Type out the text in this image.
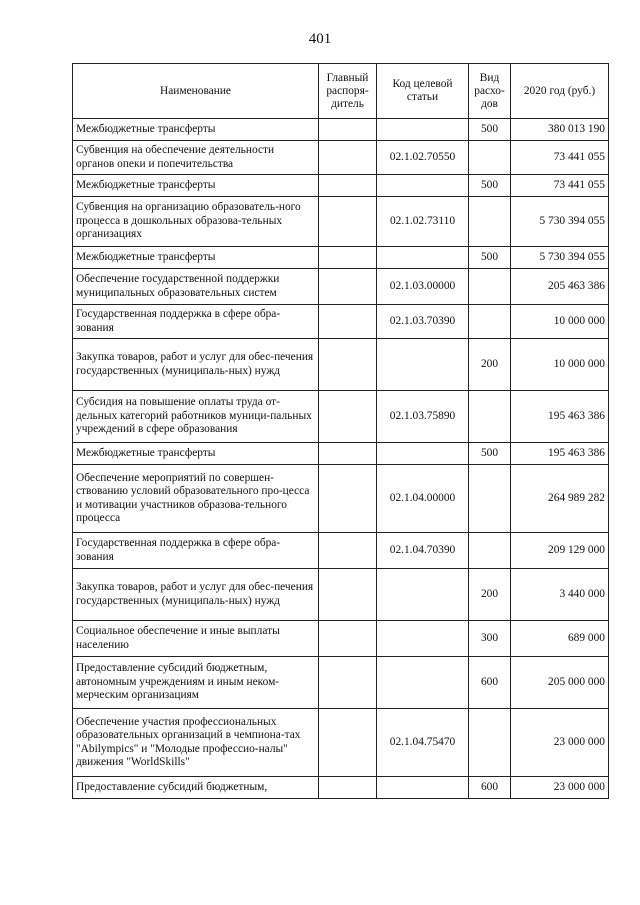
401
Наименование	Главный распоря-дитель	Код целевой статьи	Вид расхо-дов	2020 год (руб.)
Межбюджетные трансферты			500	380 013 190
Субвенция на обеспечение деятельности органов опеки и попечительства		02.1.02.70550		73 441 055
Межбюджетные трансферты			500	73 441 055
Субвенция на организацию образователь-ного процесса в дошкольных образова-тельных организациях		02.1.02.73110		5 730 394 055
Межбюджетные трансферты			500	5 730 394 055
Обеспечение государственной поддержки муниципальных образовательных систем		02.1.03.00000		205 463 386
Государственная поддержка в сфере обра-зования		02.1.03.70390		10 000 000
Закупка товаров, работ и услуг для обес-печения государственных (муниципаль-ных) нужд			200	10 000 000
Субсидия на повышение оплаты труда от-дельных категорий работников муници-пальных учреждений в сфере образования		02.1.03.75890		195 463 386
Межбюджетные трансферты			500	195 463 386
Обеспечение мероприятий по совершен-ствованию условий образовательного про-цесса и мотивации участников образова-тельного процесса		02.1.04.00000		264 989 282
Государственная поддержка в сфере обра-зования		02.1.04.70390		209 129 000
Закупка товаров, работ и услуг для обес-печения государственных (муниципаль-ных) нужд			200	3 440 000
Социальное обеспечение и иные выплаты населению			300	689 000
Предоставление субсидий бюджетным, автономным учреждениям и иным неком-мерческим организациям			600	205 000 000
Обеспечение участия профессиональных образовательных организаций в чемпиона-тах "Abilympics" и "Молодые профессио-налы" движения "WorldSkills"		02.1.04.75470		23 000 000
Предоставление субсидий бюджетным,			600	23 000 000
